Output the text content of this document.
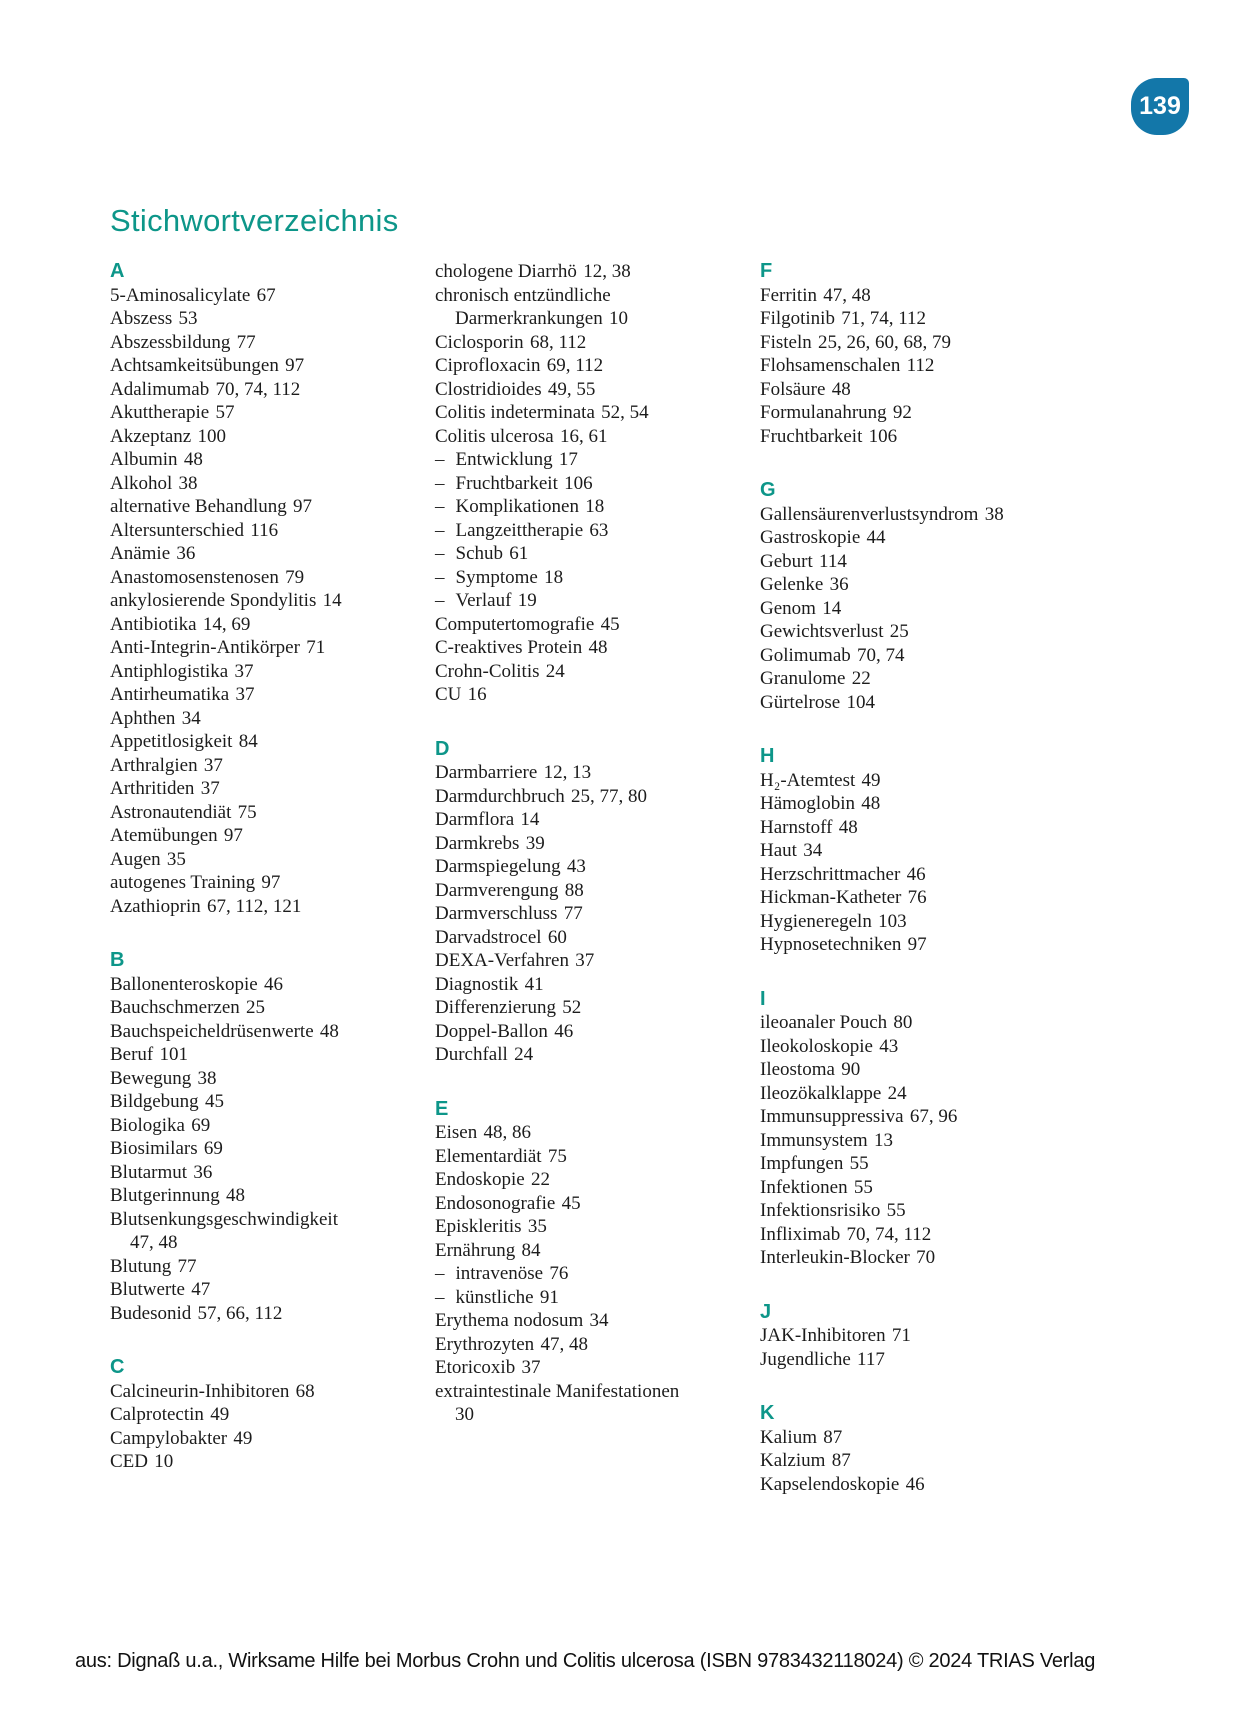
139
Stichwortverzeichnis
A
5-Aminosalicylate 67
Abszess 53
Abszessbildung 77
Achtsamkeitsübungen 97
Adalimumab 70, 74, 112
Akuttherapie 57
Akzeptanz 100
Albumin 48
Alkohol 38
alternative Behandlung 97
Altersunterschied 116
Anämie 36
Anastomosenstenosen 79
ankylosierende Spondylitis 14
Antibiotika 14, 69
Anti-Integrin-Antikörper 71
Antiphlogistika 37
Antirheumatika 37
Aphthen 34
Appetitlosigkeit 84
Arthralgien 37
Arthritiden 37
Astronautendiät 75
Atemübungen 97
Augen 35
autogenes Training 97
Azathioprin 67, 112, 121
B
Ballonenteroskopie 46
Bauchschmerzen 25
Bauchspeicheldrüsenwerte 48
Beruf 101
Bewegung 38
Bildgebung 45
Biologika 69
Biosimilars 69
Blutarmut 36
Blutgerinnung 48
Blutsenkungsgeschwindigkeit
47, 48
Blutung 77
Blutwerte 47
Budesonid 57, 66, 112
C
Calcineurin-Inhibitoren 68
Calprotectin 49
Campylobakter 49
CED 10
chologene Diarrhö 12, 38
chronisch entzündliche
Darmerkrankungen 10
Ciclosporin 68, 112
Ciprofloxacin 69, 112
Clostridioides 49, 55
Colitis indeterminata 52, 54
Colitis ulcerosa 16, 61
– Entwicklung 17
– Fruchtbarkeit 106
– Komplikationen 18
– Langzeittherapie 63
– Schub 61
– Symptome 18
– Verlauf 19
Computertomografie 45
C-reaktives Protein 48
Crohn-Colitis 24
CU 16
D
Darmbarriere 12, 13
Darmdurchbruch 25, 77, 80
Darmflora 14
Darmkrebs 39
Darmspiegelung 43
Darmverengung 88
Darmverschluss 77
Darvadstrocel 60
DEXA-Verfahren 37
Diagnostik 41
Differenzierung 52
Doppel-Ballon 46
Durchfall 24
E
Eisen 48, 86
Elementardiät 75
Endoskopie 22
Endosonografie 45
Episkleritis 35
Ernährung 84
– intravenöse 76
– künstliche 91
Erythema nodosum 34
Erythrozyten 47, 48
Etoricoxib 37
extraintestinale Manifestationen
30
F
Ferritin 47, 48
Filgotinib 71, 74, 112
Fisteln 25, 26, 60, 68, 79
Flohsamenschalen 112
Folsäure 48
Formulanahrung 92
Fruchtbarkeit 106
G
Gallensäurenverlustsyndrom 38
Gastroskopie 44
Geburt 114
Gelenke 36
Genom 14
Gewichtsverlust 25
Golimumab 70, 74
Granulome 22
Gürtelrose 104
H
H₂-Atemtest 49
Hämoglobin 48
Harnstoff 48
Haut 34
Herzschrittmacher 46
Hickman-Katheter 76
Hygieneregeln 103
Hypnosetechniken 97
I
ileoanaler Pouch 80
Ileokoloskopie 43
Ileostoma 90
Ileozökalklappe 24
Immunsuppressiva 67, 96
Immunsystem 13
Impfungen 55
Infektionen 55
Infektionsrisiko 55
Infliximab 70, 74, 112
Interleukin-Blocker 70
J
JAK-Inhibitoren 71
Jugendliche 117
K
Kalium 87
Kalzium 87
Kapselendoskopie 46
aus: Dignaß u.a., Wirksame Hilfe bei Morbus Crohn und Colitis ulcerosa (ISBN 9783432118024) © 2024 TRIAS Verlag
